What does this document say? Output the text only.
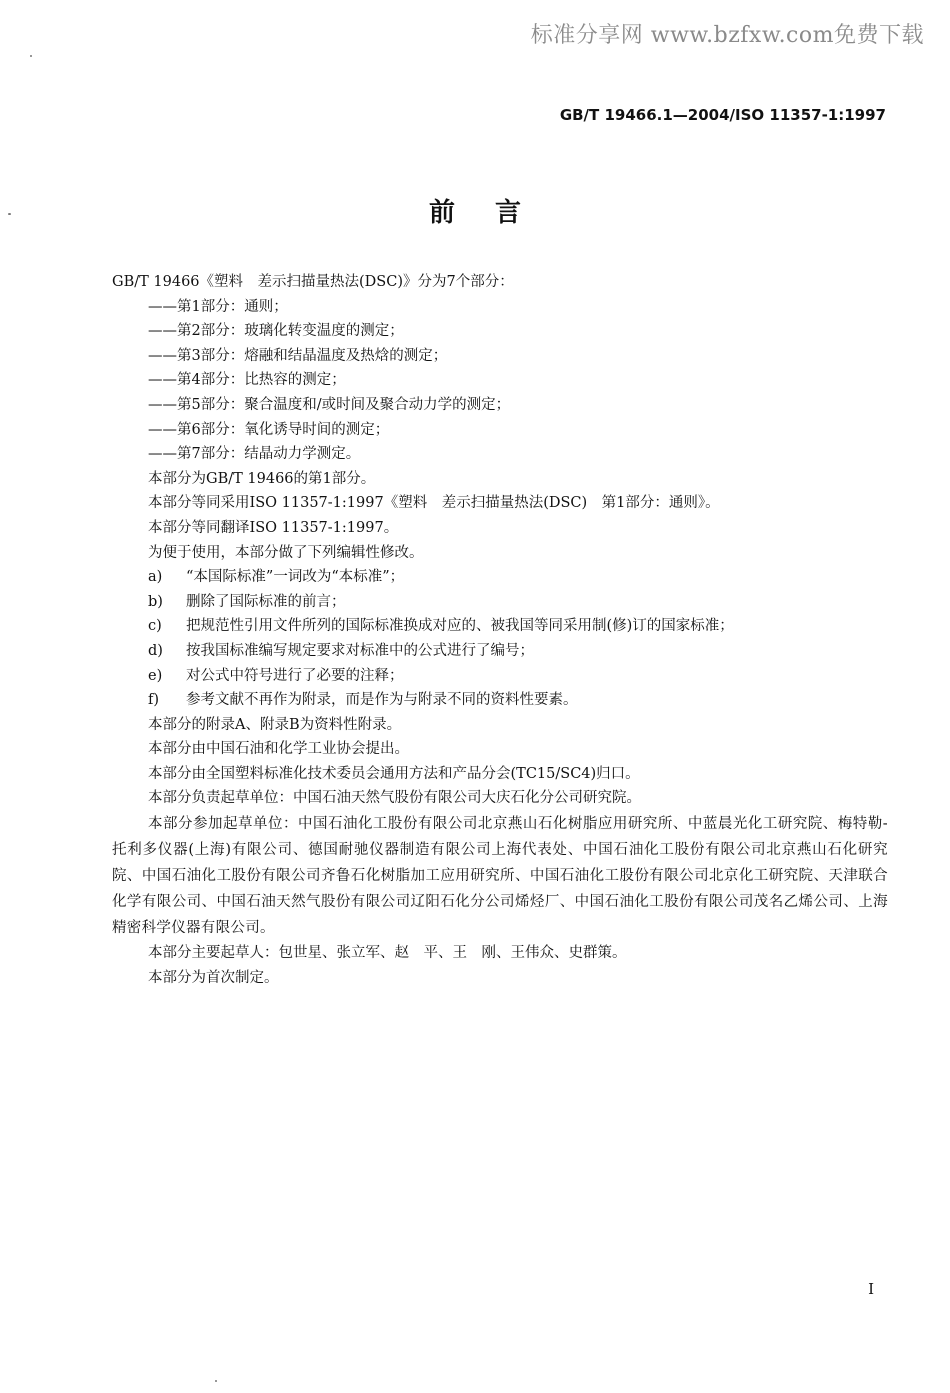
标准分享网 www.bzfxw.com免费下载
GB/T 19466.1—2004/ISO 11357-1:1997
前言
GB/T 19466《塑料　差示扫描量热法(DSC)》分为7个部分：
——第1部分：通则；
——第2部分：玻璃化转变温度的测定；
——第3部分：熔融和结晶温度及热焓的测定；
——第4部分：比热容的测定；
——第5部分：聚合温度和/或时间及聚合动力学的测定；
——第6部分：氧化诱导时间的测定；
——第7部分：结晶动力学测定。
本部分为GB/T 19466的第1部分。
本部分等同采用ISO 11357-1:1997《塑料　差示扫描量热法(DSC)　第1部分：通则》。
本部分等同翻译ISO 11357-1:1997。
为便于使用，本部分做了下列编辑性修改。
a) “本国际标准”一词改为“本标准”；
b) 删除了国际标准的前言；
c) 把规范性引用文件所列的国际标准换成对应的、被我国等同采用制(修)订的国家标准；
d) 按我国标准编写规定要求对标准中的公式进行了编号；
e) 对公式中符号进行了必要的注释；
f) 参考文献不再作为附录，而是作为与附录不同的资料性要素。
本部分的附录A、附录B为资料性附录。
本部分由中国石油和化学工业协会提出。
本部分由全国塑料标准化技术委员会通用方法和产品分会(TC15/SC4)归口。
本部分负责起草单位：中国石油天然气股份有限公司大庆石化分公司研究院。
本部分参加起草单位：中国石油化工股份有限公司北京燕山石化树脂应用研究所、中蓝晨光化工研究院、梅特勒-托利多仪器(上海)有限公司、德国耐驰仪器制造有限公司上海代表处、中国石油化工股份有限公司北京燕山石化研究院、中国石油化工股份有限公司齐鲁石化树脂加工应用研究所、中国石油化工股份有限公司北京化工研究院、天津联合化学有限公司、中国石油天然气股份有限公司辽阳石化分公司烯烃厂、中国石油化工股份有限公司茂名乙烯公司、上海精密科学仪器有限公司。
本部分主要起草人：包世星、张立军、赵　平、王　刚、王伟众、史群策。
本部分为首次制定。
I
